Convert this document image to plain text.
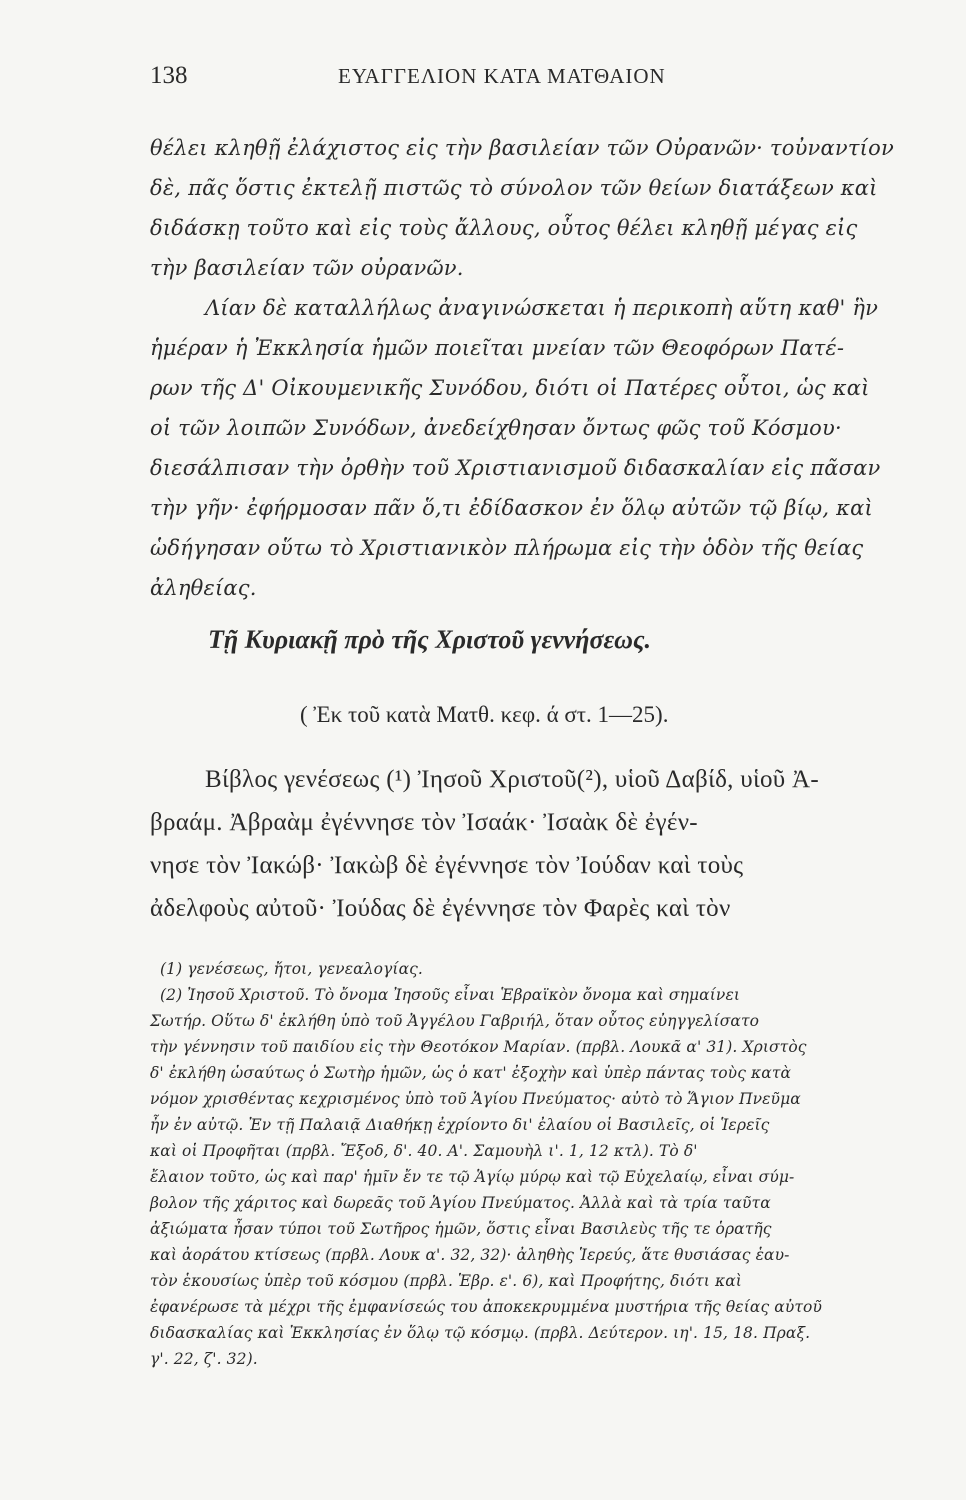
138	ΕΥΑΓΓΕΛΙΟΝ ΚΑΤΑ ΜΑΤΘΑΙΟΝ
θέλει κληθῇ ἐλάχιστος εἰς τὴν βασιλείαν τῶν Οὐρανῶν· τοὐναντίον
δὲ, πᾶς ὅστις ἐκτελῇ πιστῶς τὸ σύνολον τῶν θείων διατάξεων καὶ
διδάσκῃ τοῦτο καὶ εἰς τοὺς ἄλλους, οὗτος θέλει κληθῇ μέγας εἰς
τὴν βασιλείαν τῶν οὐρανῶν.
Λίαν δὲ καταλλήλως ἀναγινώσκεται ἡ περικοπὴ αὕτη καθ' ἣν
ἡμέραν ἡ Ἐκκλησία ἡμῶν ποιεῖται μνείαν τῶν Θεοφόρων Πατέ-
ρων τῆς Δ' Οἰκουμενικῆς Συνόδου, διότι οἱ Πατέρες οὗτοι, ὡς καὶ
οἱ τῶν λοιπῶν Συνόδων, ἀνεδείχθησαν ὄντως φῶς τοῦ Κόσμου·
διεσάλπισαν τὴν ὀρθὴν τοῦ Χριστιανισμοῦ διδασκαλίαν εἰς πᾶσαν
τὴν γῆν· ἐφήρμοσαν πᾶν ὅ,τι ἐδίδασκον ἐν ὅλῳ αὐτῶν τῷ βίῳ, καὶ
ὡδήγησαν οὕτω τὸ Χριστιανικὸν πλήρωμα εἰς τὴν ὁδὸν τῆς θείας
ἀληθείας.
Τῇ Κυριακῇ πρὸ τῆς Χριστοῦ γεννήσεως.
( Ἐκ τοῦ κατὰ Ματθ. κεφ. ά στ. 1—25).
Βίβλος γενέσεως (¹) Ἰησοῦ Χριστοῦ(²), υἱοῦ Δαβίδ, υἱοῦ Ἀ-
βραάμ. Ἀβραὰμ ἐγέννησε τὸν Ἰσαάκ· Ἰσαὰκ δὲ ἐγέν-
νησε τὸν Ἰακώβ· Ἰακὼβ δὲ ἐγέννησε τὸν Ἰούδαν καὶ τοὺς
ἀδελφοὺς αὐτοῦ· Ἰούδας δὲ ἐγέννησε τὸν Φαρὲς καὶ τὸν
(1) γενέσεως, ἤτοι, γενεαλογίας.
(2) Ἰησοῦ Χριστοῦ. Τὸ ὄνομα Ἰησοῦς εἶναι Ἑβραϊκὸν ὄνομα καὶ σημαίνει
Σωτήρ. Οὕτω δ' ἐκλήθη ὑπὸ τοῦ Ἀγγέλου Γαβριήλ, ὅταν οὗτος εὐηγγελίσατο
τὴν γέννησιν τοῦ παιδίου εἰς τὴν Θεοτόκον Μαρίαν. (πρβλ. Λουκᾶ α' 31). Χριστὸς
δ' ἐκλήθη ὡσαύτως ὁ Σωτὴρ ἡμῶν, ὡς ὁ κατ' ἐξοχὴν καὶ ὑπὲρ πάντας τοὺς κατὰ
νόμον χρισθέντας κεχρισμένος ὑπὸ τοῦ Ἁγίου Πνεύματος· αὐτὸ τὸ Ἅγιον Πνεῦμα
ἦν ἐν αὐτῷ. Ἐν τῇ Παλαιᾷ Διαθήκῃ ἐχρίοντο δι' ἐλαίου οἱ Βασιλεῖς, οἱ Ἱερεῖς
καὶ οἱ Προφῆται (πρβλ. Ἔξοδ, δ'. 40. Α'. Σαμουὴλ ι'. 1, 12 κτλ). Τὸ δ'
ἔλαιον τοῦτο, ὡς καὶ παρ' ἡμῖν ἔν τε τῷ Ἁγίῳ μύρῳ καὶ τῷ Εὐχελαίῳ, εἶναι σύμ-
βολον τῆς χάριτος καὶ δωρεᾶς τοῦ Ἁγίου Πνεύματος. Ἀλλὰ καὶ τὰ τρία ταῦτα
ἀξιώματα ἦσαν τύποι τοῦ Σωτῆρος ἡμῶν, ὅστις εἶναι Βασιλεὺς τῆς τε ὁρατῆς
καὶ ἀοράτου κτίσεως (πρβλ. Λουκ α'. 32, 32)· ἀληθὴς Ἱερεύς, ἅτε θυσιάσας ἑαυ-
τὸν ἑκουσίως ὑπὲρ τοῦ κόσμου (πρβλ. Ἑβρ. ε'. 6), καὶ Προφήτης, διότι καὶ
ἐφανέρωσε τὰ μέχρι τῆς ἐμφανίσεώς του ἀποκεκρυμμένα μυστήρια τῆς θείας αὐτοῦ
διδασκαλίας καὶ Ἐκκλησίας ἐν ὅλῳ τῷ κόσμῳ. (πρβλ. Δεύτερον. ιη'. 15, 18. Πραξ.
γ'. 22, ζ'. 32).
